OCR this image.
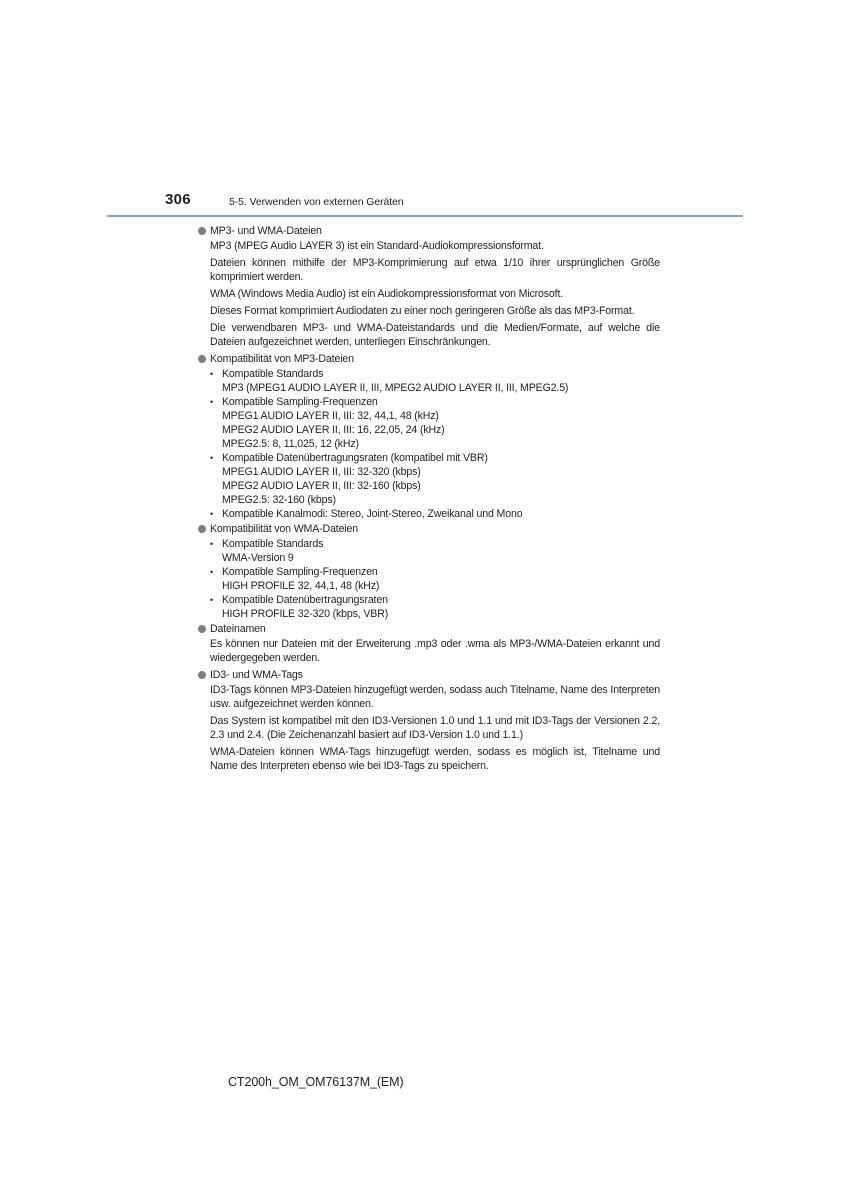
306	5-5. Verwenden von externen Geräten
MP3- und WMA-Dateien

MP3 (MPEG Audio LAYER 3) ist ein Standard-Audiokompressionsformat.

Dateien können mithilfe der MP3-Komprimierung auf etwa 1/10 ihrer ursprünglichen Größe komprimiert werden.

WMA (Windows Media Audio) ist ein Audiokompressionsformat von Microsoft.

Dieses Format komprimiert Audiodaten zu einer noch geringeren Größe als das MP3-Format.

Die verwendbaren MP3- und WMA-Dateistandards und die Medien/Formate, auf welche die Dateien aufgezeichnet werden, unterliegen Einschränkungen.

Kompatibilität von MP3-Dateien
• Kompatible Standards
MP3 (MPEG1 AUDIO LAYER II, III, MPEG2 AUDIO LAYER II, III, MPEG2.5)
• Kompatible Sampling-Frequenzen
MPEG1 AUDIO LAYER II, III: 32, 44,1, 48 (kHz)
MPEG2 AUDIO LAYER II, III: 16, 22,05, 24 (kHz)
MPEG2.5: 8, 11,025, 12 (kHz)
• Kompatible Datenübertragungsraten (kompatibel mit VBR)
MPEG1 AUDIO LAYER II, III: 32-320 (kbps)
MPEG2 AUDIO LAYER II, III: 32-160 (kbps)
MPEG2.5: 32-160 (kbps)
• Kompatible Kanalmodi: Stereo, Joint-Stereo, Zweikanal und Mono
Kompatibilität von WMA-Dateien
• Kompatible Standards
WMA-Version 9
• Kompatible Sampling-Frequenzen
HIGH PROFILE 32, 44,1, 48 (kHz)
• Kompatible Datenübertragungsraten
HIGH PROFILE 32-320 (kbps, VBR)
Dateinamen

Es können nur Dateien mit der Erweiterung .mp3 oder .wma als MP3-/WMA-Dateien erkannt und wiedergegeben werden.

ID3- und WMA-Tags

ID3-Tags können MP3-Dateien hinzugefügt werden, sodass auch Titelname, Name des Interpreten usw. aufgezeichnet werden können.

Das System ist kompatibel mit den ID3-Versionen 1.0 und 1.1 und mit ID3-Tags der Versionen 2.2, 2.3 und 2.4. (Die Zeichenanzahl basiert auf ID3-Version 1.0 und 1.1.)

WMA-Dateien können WMA-Tags hinzugefügt werden, sodass es möglich ist, Titelname und Name des Interpreten ebenso wie bei ID3-Tags zu speichern.

CT200h_OM_OM76137M_(EM)
